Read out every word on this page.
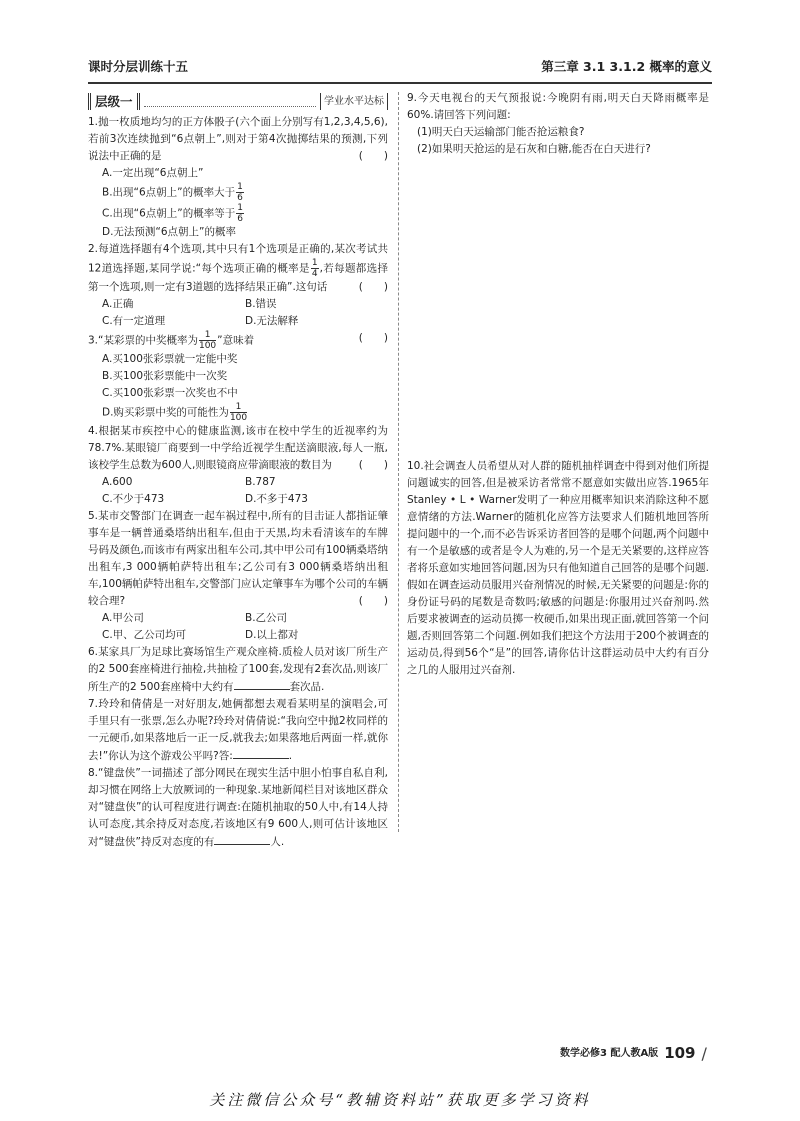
课时分层训练十五	第三章 3.1 3.1.2 概率的意义
层级一	学业水平达标
1.抛一枚质地均匀的正方体骰子(六个面上分别写有1,2,3,4,5,6),若前3次连续抛到“6点朝上”,则对于第4次抛掷结果的预测,下列说法中正确的是	(　　)
A.一定出现“6点朝上”
B.出现“6点朝上”的概率大于 $\frac{1}{6}$
C.出现“6点朝上”的概率等于 $\frac{1}{6}$
D.无法预测“6点朝上”的概率
2.每道选择题有4个选项,其中只有1个选项是正确的,某次考试共12道选择题,某同学说:“每个选项正确的概率是 $\frac{1}{4}$ ,若每题都选择第一个选项,则一定有3道题的选择结果正确”.这句话	(　　)
A.正确	B.错误
C.有一定道理	D.无法解释
3.“某彩票的中奖概率为 $\frac{1}{100}$ ”意味着	(　　)
A.买100张彩票就一定能中奖
B.买100张彩票能中一次奖
C.买100张彩票一次奖也不中
D.购买彩票中奖的可能性为 $\frac{1}{100}$
4.根据某市疾控中心的健康监测,该市在校中学生的近视率约为78.7%.某眼镜厂商要到一中学给近视学生配送滴眼液,每人一瓶,该校学生总数为600人,则眼镜商应带滴眼液的数目为	(　　)
A.600	B.787
C.不少于473	D.不多于473
5.某市交警部门在调查一起车祸过程中,所有的目击证人都指证肇事车是一辆普通桑塔纳出租车,但由于天黑,均未看清该车的车牌号码及颜色,而该市有两家出租车公司,其中甲公司有100辆桑塔纳出租车,3 000辆帕萨特出租车;乙公司有3 000辆桑塔纳出租车,100辆帕萨特出租车,交警部门应认定肇事车为哪个公司的车辆较合理?	(　　)
A.甲公司	B.乙公司
C.甲、乙公司均可	D.以上都对
6.某家具厂为足球比赛场馆生产观众座椅.质检人员对该厂所生产的2 500套座椅进行抽检,共抽检了100套,发现有2套次品,则该厂所生产的2 500套座椅中大约有	套次品.
7.玲玲和倩倩是一对好朋友,她俩都想去观看某明星的演唱会,可手里只有一张票,怎么办呢?玲玲对倩倩说:“我向空中抛2枚同样的一元硬币,如果落地后一正一反,就我去;如果落地后两面一样,就你去!”你认为这个游戏公平吗?答:	.
8.“键盘侠”一词描述了部分网民在现实生活中胆小怕事自私自利,却习惯在网络上大放厥词的一种现象.某地新闻栏目对该地区群众对“键盘侠”的认可程度进行调查:在随机抽取的50人中,有14人持认可态度,其余持反对态度,若该地区有9 600人,则可估计该地区对“键盘侠”持反对态度的有	人.
9.今天电视台的天气预报说:今晚阴有雨,明天白天降雨概率是60%.请回答下列问题:
(1)明天白天运输部门能否抢运粮食?
(2)如果明天抢运的是石灰和白糖,能否在白天进行?
10.社会调查人员希望从对人群的随机抽样调查中得到对他们所提问题诚实的回答,但是被采访者常常不愿意如实做出应答.1965年Stanley • L • Warner发明了一种应用概率知识来消除这种不愿意情绪的方法.Warner的随机化应答方法要求人们随机地回答所提问题中的一个,而不必告诉采访者回答的是哪个问题,两个问题中有一个是敏感的或者是令人为难的,另一个是无关紧要的,这样应答者将乐意如实地回答问题,因为只有他知道自己回答的是哪个问题.假如在调查运动员服用兴奋剂情况的时候,无关紧要的问题是:你的身份证号码的尾数是奇数吗;敏感的问题是:你服用过兴奋剂吗.然后要求被调查的运动员掷一枚硬币,如果出现正面,就回答第一个问题,否则回答第二个问题.例如我们把这个方法用于200个被调查的运动员,得到56个“是”的回答,请你估计这群运动员中大约有百分之几的人服用过兴奋剂.
数学必修3 配人教A版 109 /
关注微信公众号“教辅资料站”获取更多学习资料
